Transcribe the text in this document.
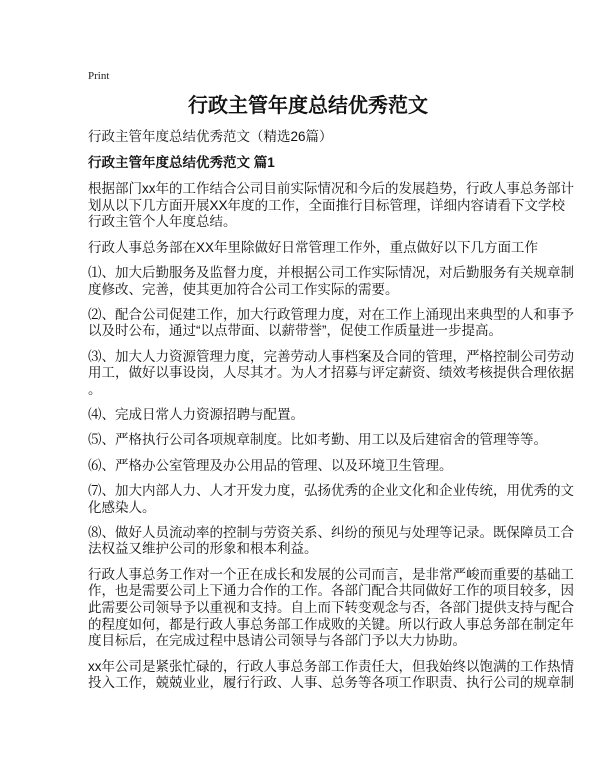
Print
行政主管年度总结优秀范文
行政主管年度总结优秀范文（精选26篇）
行政主管年度总结优秀范文 篇1

根据部门xx年的工作结合公司目前实际情况和今后的发展趋势，行政人事总务部计
划从以下几方面开展XX年度的工作，全面推行目标管理，详细内容请看下文学校
行政主管个人年度总结。

行政人事总务部在XX年里除做好日常管理工作外，重点做好以下几方面工作

⑴、加大后勤服务及监督力度，并根据公司工作实际情况，对后勤服务有关规章制
度修改、完善，使其更加符合公司工作实际的需要。

⑵、配合公司促建工作，加大行政管理力度，对在工作上涌现出来典型的人和事予
以及时公布，通过“以点带面、以薪带誉”，促使工作质量进一步提高。

⑶、加大人力资源管理力度，完善劳动人事档案及合同的管理，严格控制公司劳动
用工，做好以事设岗，人尽其才。为人才招募与评定薪资、绩效考核提供合理依据
。

⑷、完成日常人力资源招聘与配置。

⑸、严格执行公司各项规章制度。比如考勤、用工以及后建宿舍的管理等等。

⑹、严格办公室管理及办公用品的管理、以及环境卫生管理。

⑺、加大内部人力、人才开发力度，弘扬优秀的企业文化和企业传统，用优秀的文
化感染人。

⑻、做好人员流动率的控制与劳资关系、纠纷的预见与处理等记录。既保障员工合
法权益又维护公司的形象和根本利益。

行政人事总务工作对一个正在成长和发展的公司而言，是非常严峻而重要的基础工
作，也是需要公司上下通力合作的工作。各部门配合共同做好工作的项目较多，因
此需要公司领导予以重视和支持。自上而下转变观念与否，各部门提供支持与配合
的程度如何，都是行政人事总务部工作成败的关键。所以行政人事总务部在制定年
度目标后，在完成过程中恳请公司领导与各部门予以大力协助。

xx年公司是紧张忙碌的，行政人事总务部工作责任大，但我始终以饱满的工作热情
投入工作，兢兢业业，履行行政、人事、总务等各项工作职责、执行公司的规章制
